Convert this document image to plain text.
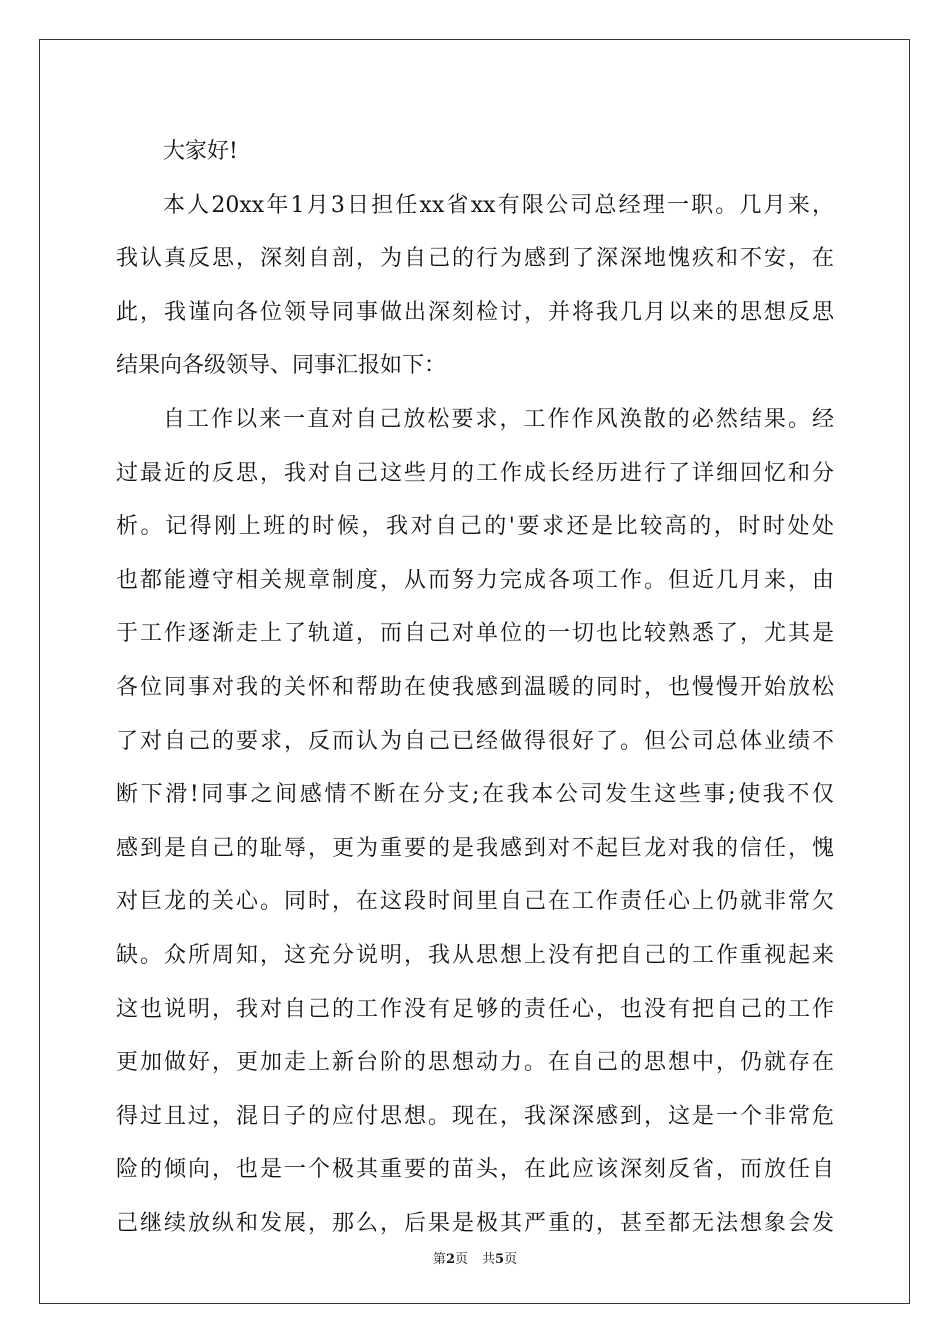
大家好!
本人20xx年1月3日担任xx省xx有限公司总经理一职。几月来，
我认真反思，深刻自剖，为自己的行为感到了深深地愧疚和不安，在
此，我谨向各位领导同事做出深刻检讨，并将我几月以来的思想反思
结果向各级领导、同事汇报如下：
自工作以来一直对自己放松要求，工作作风涣散的必然结果。经
过最近的反思，我对自己这些月的工作成长经历进行了详细回忆和分
析。记得刚上班的时候，我对自己的'要求还是比较高的，时时处处
也都能遵守相关规章制度，从而努力完成各项工作。但近几月来，由
于工作逐渐走上了轨道，而自己对单位的一切也比较熟悉了，尤其是
各位同事对我的关怀和帮助在使我感到温暖的同时，也慢慢开始放松
了对自己的要求，反而认为自己已经做得很好了。但公司总体业绩不
断下滑!同事之间感情不断在分支;在我本公司发生这些事;使我不仅
感到是自己的耻辱，更为重要的是我感到对不起巨龙对我的信任，愧
对巨龙的关心。同时，在这段时间里自己在工作责任心上仍就非常欠
缺。众所周知，这充分说明，我从思想上没有把自己的工作重视起来
这也说明，我对自己的工作没有足够的责任心，也没有把自己的工作
更加做好，更加走上新台阶的思想动力。在自己的思想中，仍就存在
得过且过，混日子的应付思想。现在，我深深感到，这是一个非常危
险的倾向，也是一个极其重要的苗头，在此应该深刻反省，而放任自
己继续放纵和发展，那么，后果是极其严重的，甚至都无法想象会发
第2页 共5页
